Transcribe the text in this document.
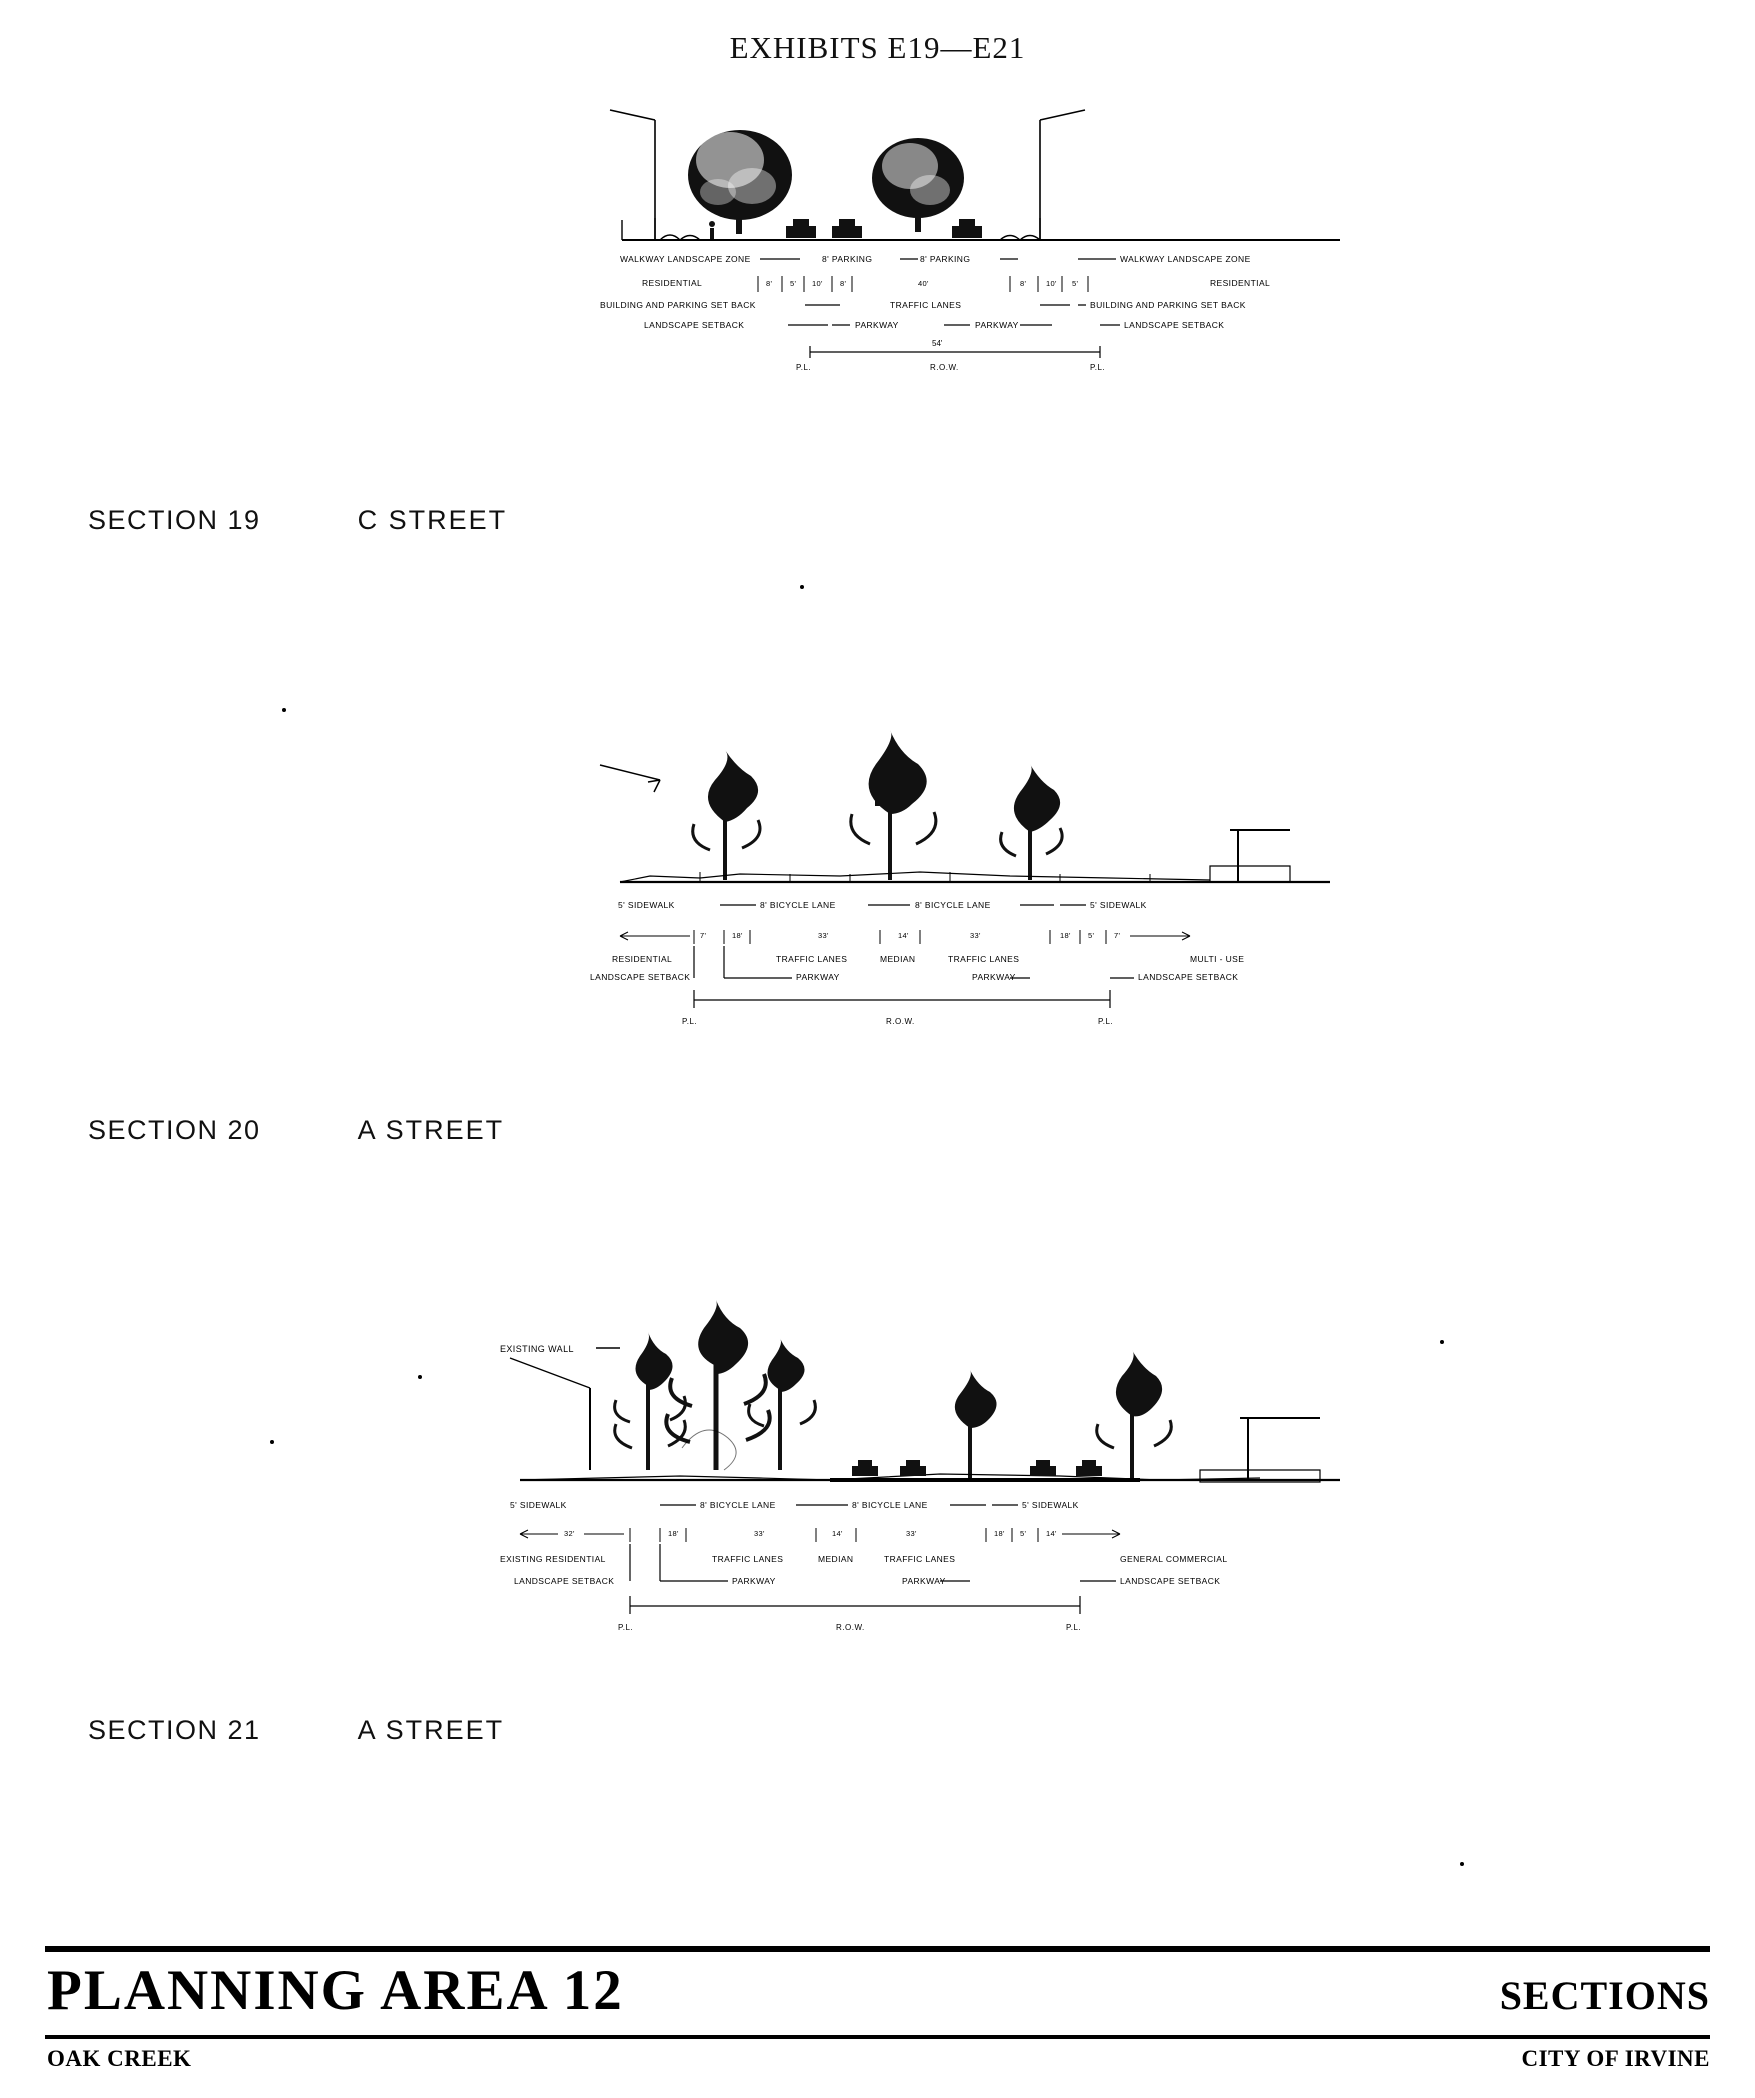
EXHIBITS E19—E21
WALKWAY LANDSCAPE ZONE	8' PARKING	8' PARKING	WALKWAY LANDSCAPE ZONE
RESIDENTIAL	RESIDENTIAL
8' 5' 10' 8'	40'	8'	10' 5'
BUILDING AND PARKING SET BACK	TRAFFIC LANES	BUILDING AND PARKING SET BACK
LANDSCAPE SETBACK	PARKWAY	PARKWAY	LANDSCAPE SETBACK
54'
P.L.	R.O.W.	P.L.
SECTION 19	C STREET
5' SIDEWALK	8' BICYCLE LANE	8' BICYCLE LANE	5' SIDEWALK
7'	18'	33'	14'	33'	18' 5'	7'
RESIDENTIAL	TRAFFIC LANES	MEDIAN	TRAFFIC LANES	MULTI - USE
LANDSCAPE SETBACK	PARKWAY	PARKWAY	LANDSCAPE SETBACK
P.L.	R.O.W.	P.L.
SECTION 20	A STREET
EXISTING WALL
5' SIDEWALK	8' BICYCLE LANE	8' BICYCLE LANE	5' SIDEWALK
32'	18'	33'	14'	33'	18' 5'	14'
EXISTING RESIDENTIAL	TRAFFIC LANES	MEDIAN	TRAFFIC LANES	GENERAL COMMERCIAL
LANDSCAPE SETBACK	PARKWAY	PARKWAY	LANDSCAPE SETBACK
P.L.	R.O.W.	P.L.
SECTION 21	A STREET
PLANNING AREA 12	SECTIONS
OAK CREEK	CITY OF IRVINE
